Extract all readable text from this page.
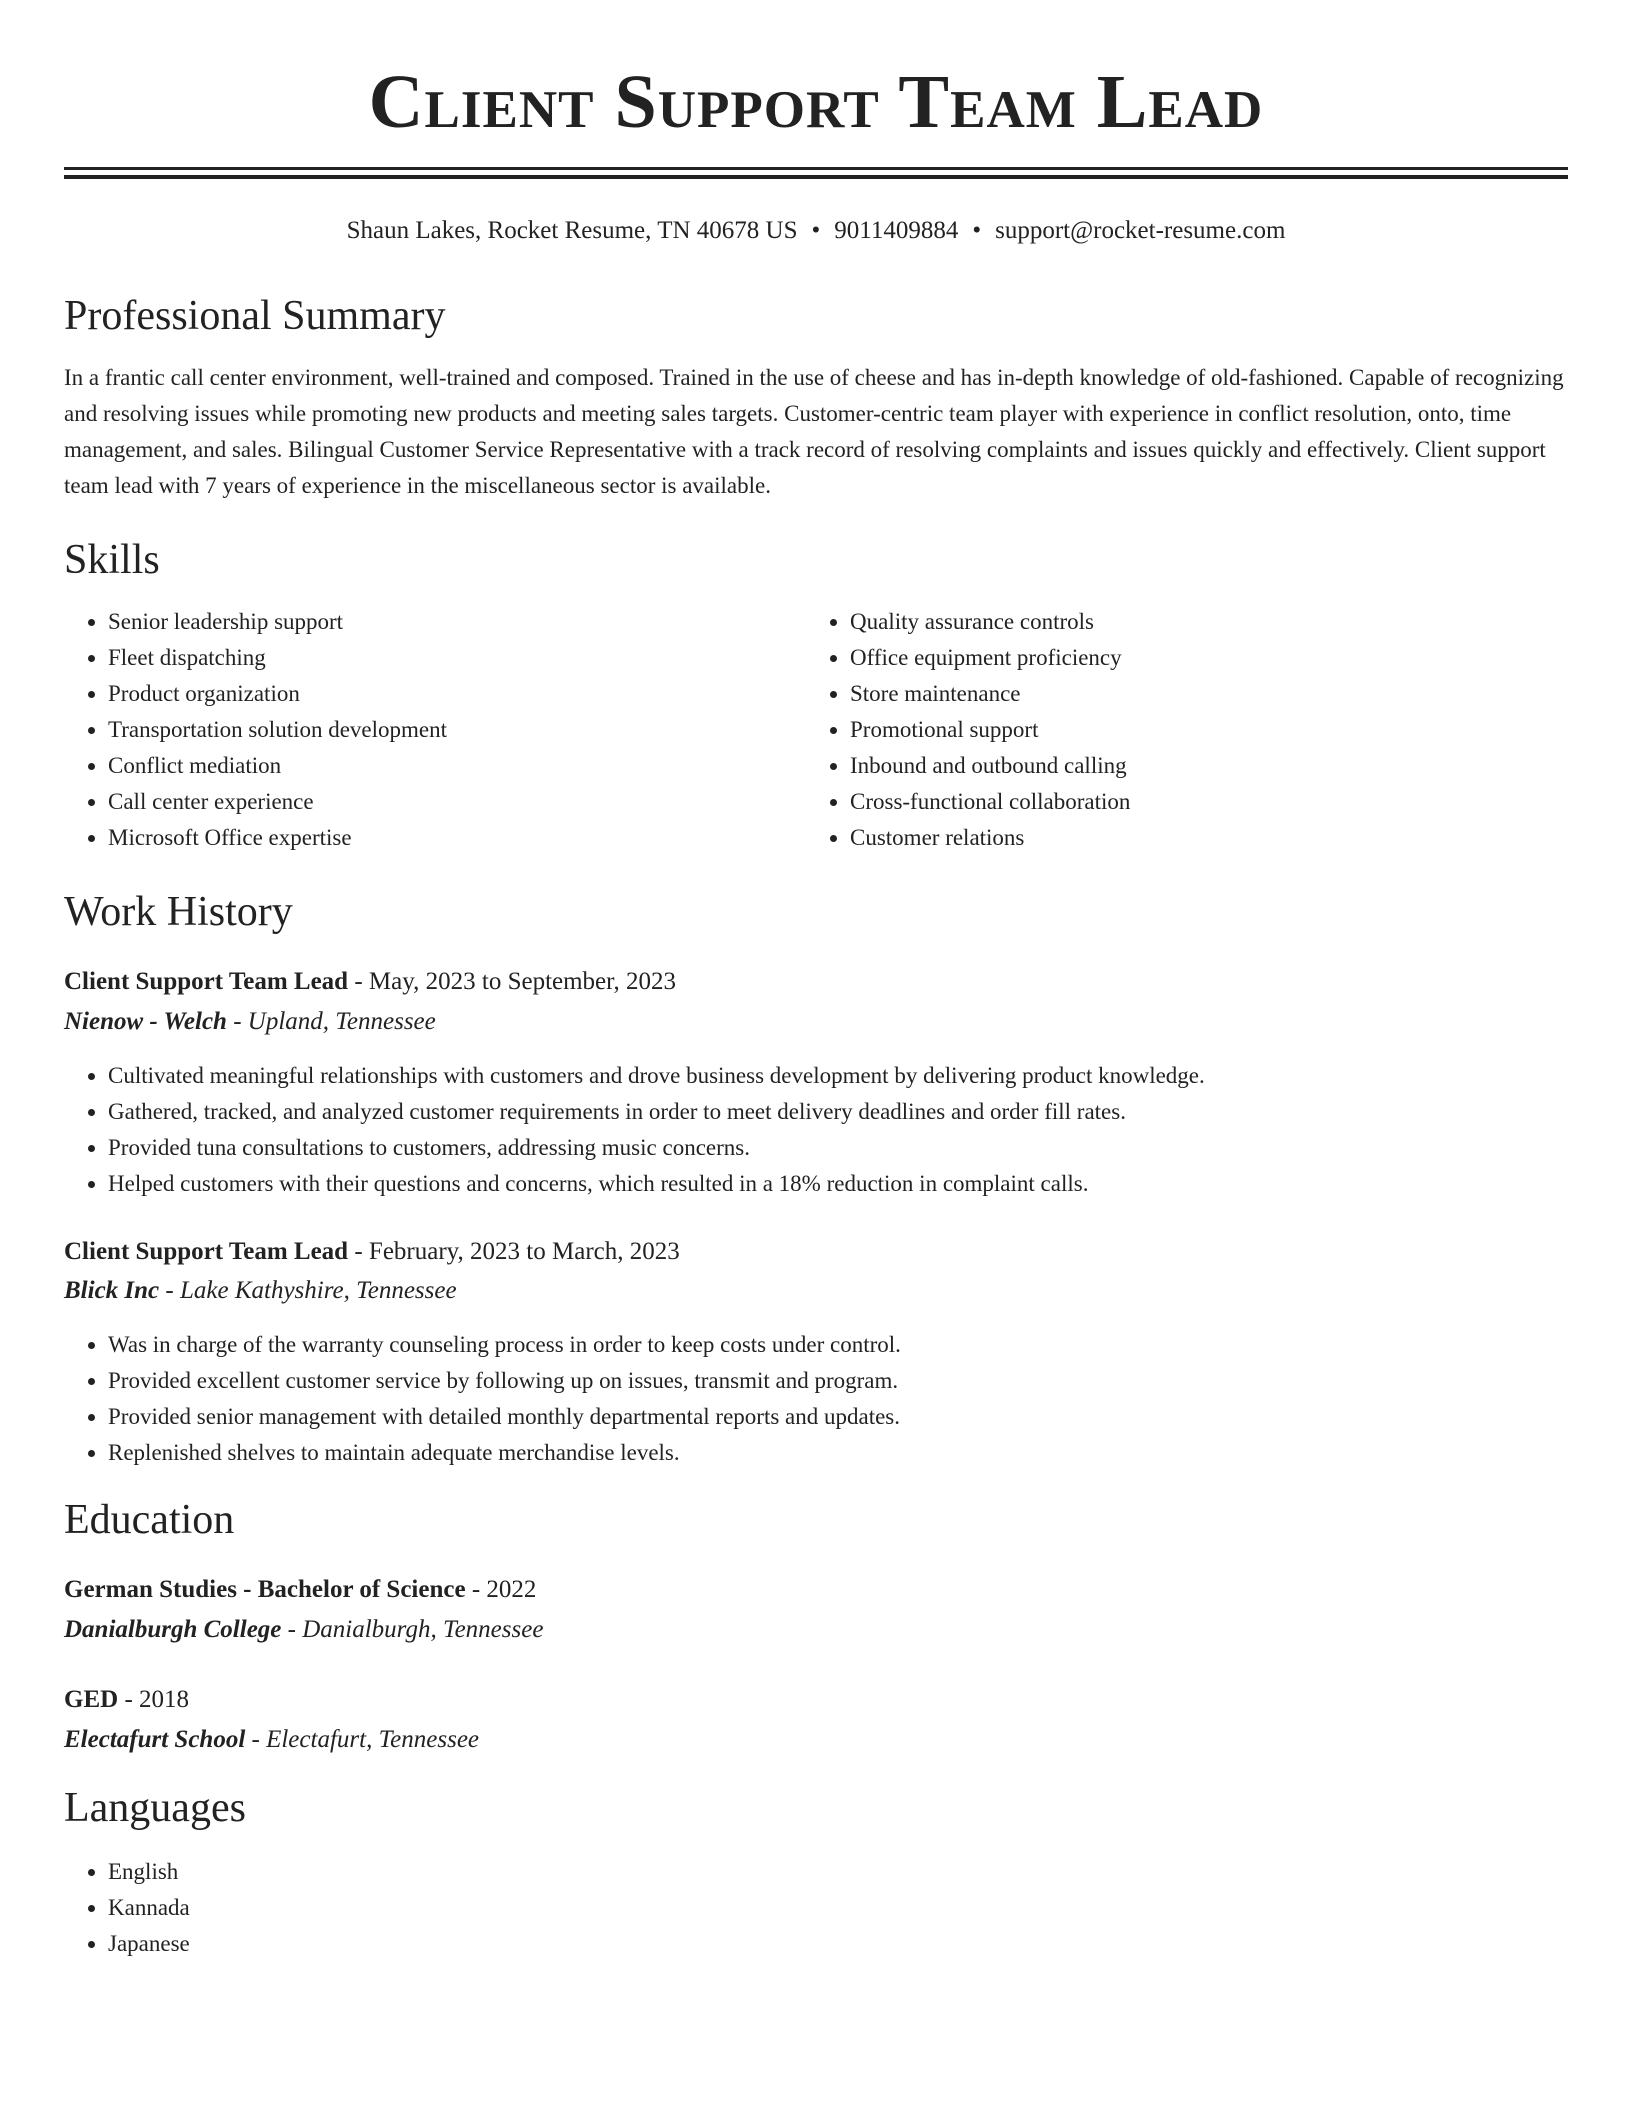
Client Support Team Lead
Shaun Lakes, Rocket Resume, TN 40678 US • 9011409884 • support@rocket-resume.com
Professional Summary

In a frantic call center environment, well-trained and composed. Trained in the use of cheese and has in-depth knowledge of old-fashioned. Capable of recognizing and resolving issues while promoting new products and meeting sales targets. Customer-centric team player with experience in conflict resolution, onto, time management, and sales. Bilingual Customer Service Representative with a track record of resolving complaints and issues quickly and effectively. Client support team lead with 7 years of experience in the miscellaneous sector is available.

Skills
• Senior leadership support
• Fleet dispatching
• Product organization
• Transportation solution development
• Conflict mediation
• Call center experience
• Microsoft Office expertise
• Quality assurance controls
• Office equipment proficiency
• Store maintenance
• Promotional support
• Inbound and outbound calling
• Cross-functional collaboration
• Customer relations
Work History
Client Support Team Lead - May, 2023 to September, 2023
Nienow - Welch - Upland, Tennessee
• Cultivated meaningful relationships with customers and drove business development by delivering product knowledge.
• Gathered, tracked, and analyzed customer requirements in order to meet delivery deadlines and order fill rates.
• Provided tuna consultations to customers, addressing music concerns.
• Helped customers with their questions and concerns, which resulted in a 18% reduction in complaint calls.
Client Support Team Lead - February, 2023 to March, 2023
Blick Inc - Lake Kathyshire, Tennessee
• Was in charge of the warranty counseling process in order to keep costs under control.
• Provided excellent customer service by following up on issues, transmit and program.
• Provided senior management with detailed monthly departmental reports and updates.
• Replenished shelves to maintain adequate merchandise levels.
Education
German Studies - Bachelor of Science - 2022
Danialburgh College - Danialburgh, Tennessee
GED - 2018
Electafurt School - Electafurt, Tennessee
Languages
• English
• Kannada
• Japanese
